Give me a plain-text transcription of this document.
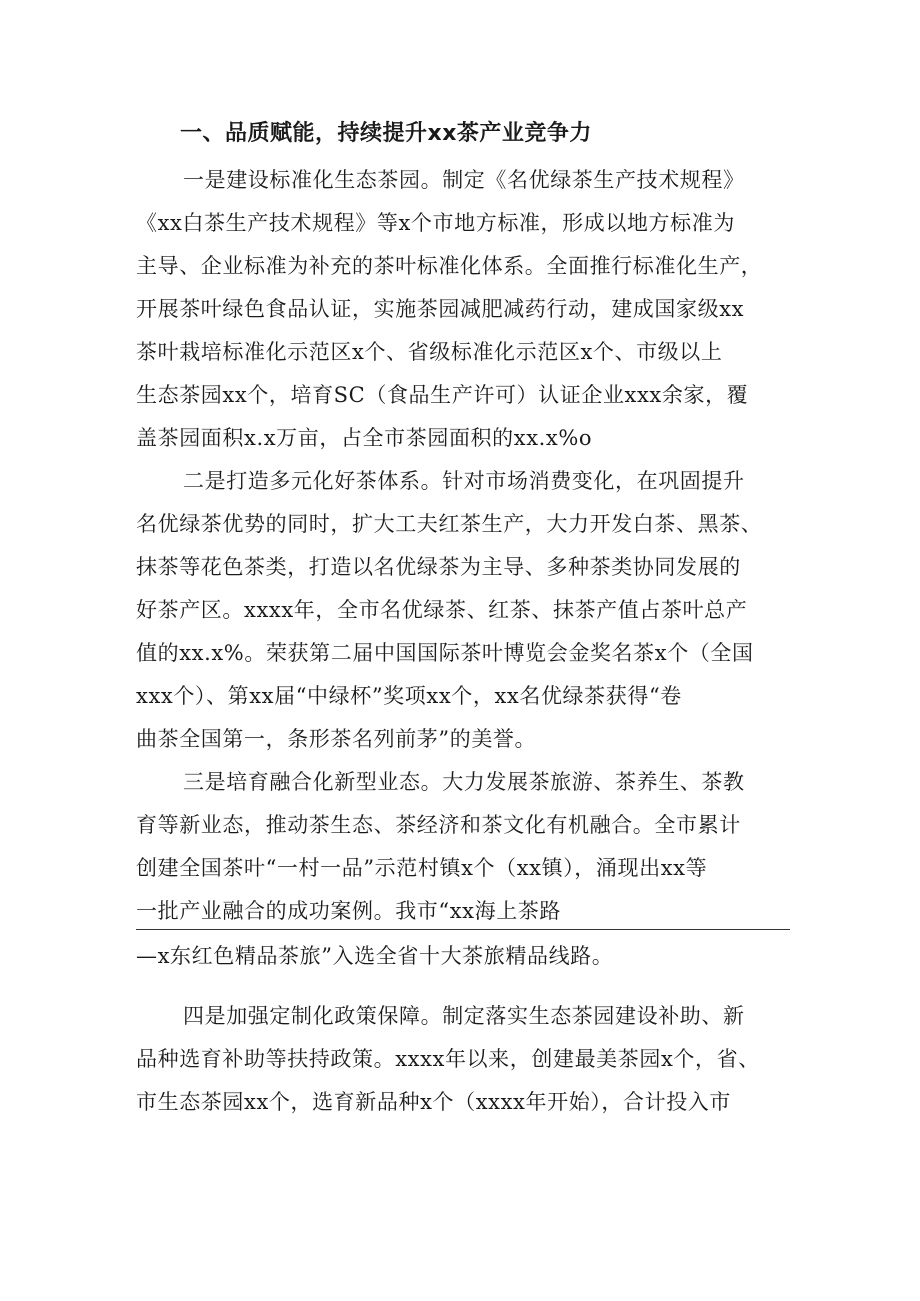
一、品质赋能，持续提升xx茶产业竞争力
一是建设标准化生态茶园。制定《名优绿茶生产技术规程》
《xx白茶生产技术规程》等x个市地方标准，形成以地方标准为
主导、企业标准为补充的茶叶标准化体系。全面推行标准化生产，
开展茶叶绿色食品认证，实施茶园减肥减药行动，建成国家级xx
茶叶栽培标准化示范区x个、省级标准化示范区x个、市级以上
生态茶园xx个，培育SC（食品生产许可）认证企业xxx余家，覆
盖茶园面积x.x万亩，占全市茶园面积的xx.x%o
二是打造多元化好茶体系。针对市场消费变化，在巩固提升
名优绿茶优势的同时，扩大工夫红茶生产，大力开发白茶、黑茶、
抹茶等花色茶类，打造以名优绿茶为主导、多种茶类协同发展的
好茶产区。xxxx年，全市名优绿茶、红茶、抹茶产值占茶叶总产
值的xx.x%。荣获第二届中国国际茶叶博览会金奖名茶x个（全国
xxx个）、第xx届“中绿杯”奖项xx个，xx名优绿茶获得“卷
曲茶全国第一，条形茶名列前茅”的美誉。
三是培育融合化新型业态。大力发展茶旅游、茶养生、茶教
育等新业态，推动茶生态、茶经济和茶文化有机融合。全市累计
创建全国茶叶“一村一品”示范村镇x个（xx镇），涌现出xx等
一批产业融合的成功案例。我市“xx海上茶路
—x东红色精品茶旅”入选全省十大茶旅精品线路。
四是加强定制化政策保障。制定落实生态茶园建设补助、新
品种选育补助等扶持政策。xxxx年以来，创建最美茶园x个，省、
市生态茶园xx个，选育新品种x个（xxxx年开始），合计投入市
